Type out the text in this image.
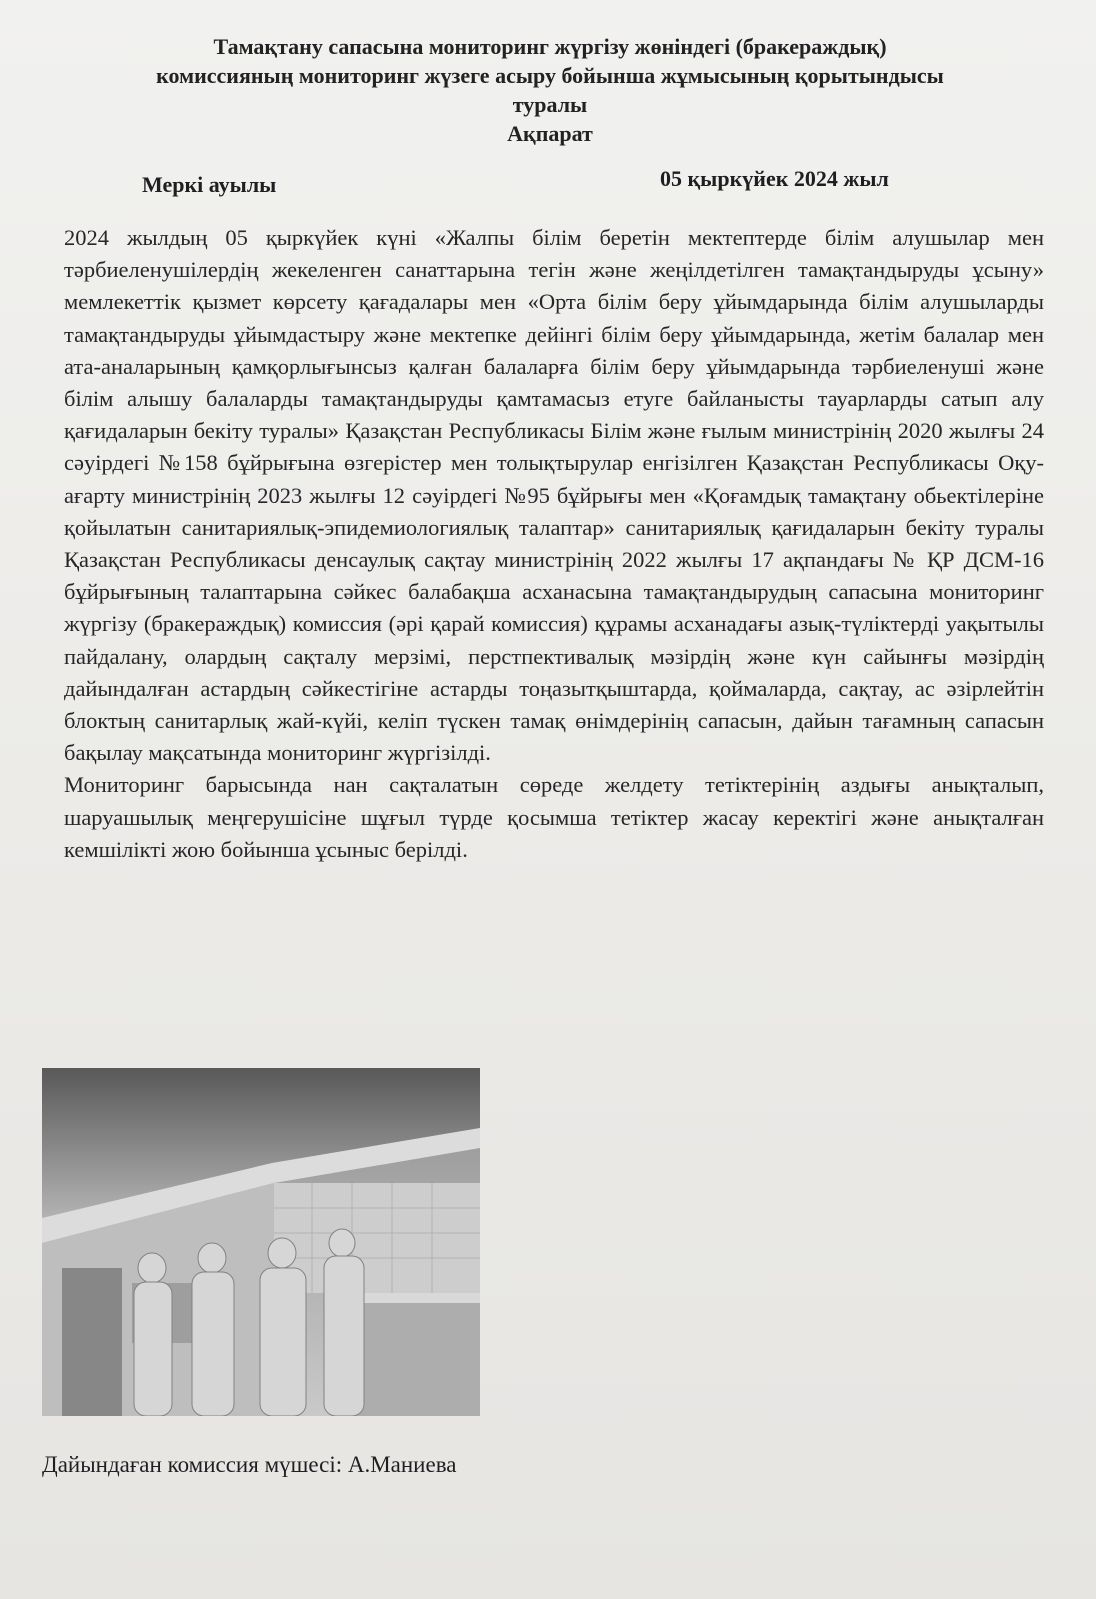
Тамақтану сапасына мониторинг жүргізу жөніндегі (бракераждық)
комиссияның мониторинг жүзеге асыру бойынша жұмысының қорытындысы
туралы
Ақпарат
Меркі ауылы	05 қыркүйек 2024 жыл

2024 жылдың 05 қыркүйек күні «Жалпы білім беретін мектептерде білім алушылар мен тәрбиеленушілердің жекеленген санаттарына тегін және жеңілдетілген тамақтандыруды ұсыну» мемлекеттік қызмет көрсету қағадалары мен «Орта білім беру ұйымдарында білім алушыларды тамақтандыруды ұйымдастыру және мектепке дейінгі білім беру ұйымдарында, жетім балалар мен ата-аналарының қамқорлығынсыз қалған балаларға білім беру ұйымдарында тәрбиеленуші және білім алышу балаларды тамақтандыруды қамтамасыз етуге байланысты тауарларды сатып алу қағидаларын бекіту туралы» Қазақстан Республикасы Білім және ғылым министрінің 2020 жылғы 24 сәуірдегі №158 бұйрығына өзгерістер мен толықтырулар енгізілген Қазақстан Республикасы Оқу-ағарту министрінің 2023 жылғы 12 сәуірдегі №95 бұйрығы мен «Қоғамдық тамақтану обьектілеріне қойылатын санитариялық-эпидемиологиялық талаптар» санитариялық қағидаларын бекіту туралы Қазақстан Республикасы денсаулық сақтау министрінің 2022 жылғы 17 ақпандағы № ҚР ДСМ-16 бұйрығының талаптарына сәйкес балабақша асханасына тамақтандырудың сапасына мониторинг жүргізу (бракераждық) комиссия (әрі қарай комиссия) құрамы асханадағы азық-түліктерді уақытылы пайдалану, олардың сақталу мерзімі, перстпективалық мәзірдің және күн сайынғы мәзірдің дайындалған астардың сәйкестігіне астарды тоңазытқыштарда, қоймаларда, сақтау, ас әзірлейтін блоктың санитарлық жай-күйі, келіп түскен тамақ өнімдерінің сапасын, дайын тағамның сапасын бақылау мақсатында мониторинг жүргізілді.

Мониторинг барысында нан сақталатын сөреде желдету тетіктерінің аздығы анықталып, шаруашылық меңгерушісіне шұғыл түрде қосымша тетіктер жасау керектігі және анықталған кемшілікті жою бойынша ұсыныс берілді.

Дайындаған комиссия мүшесі: А.Маниева
